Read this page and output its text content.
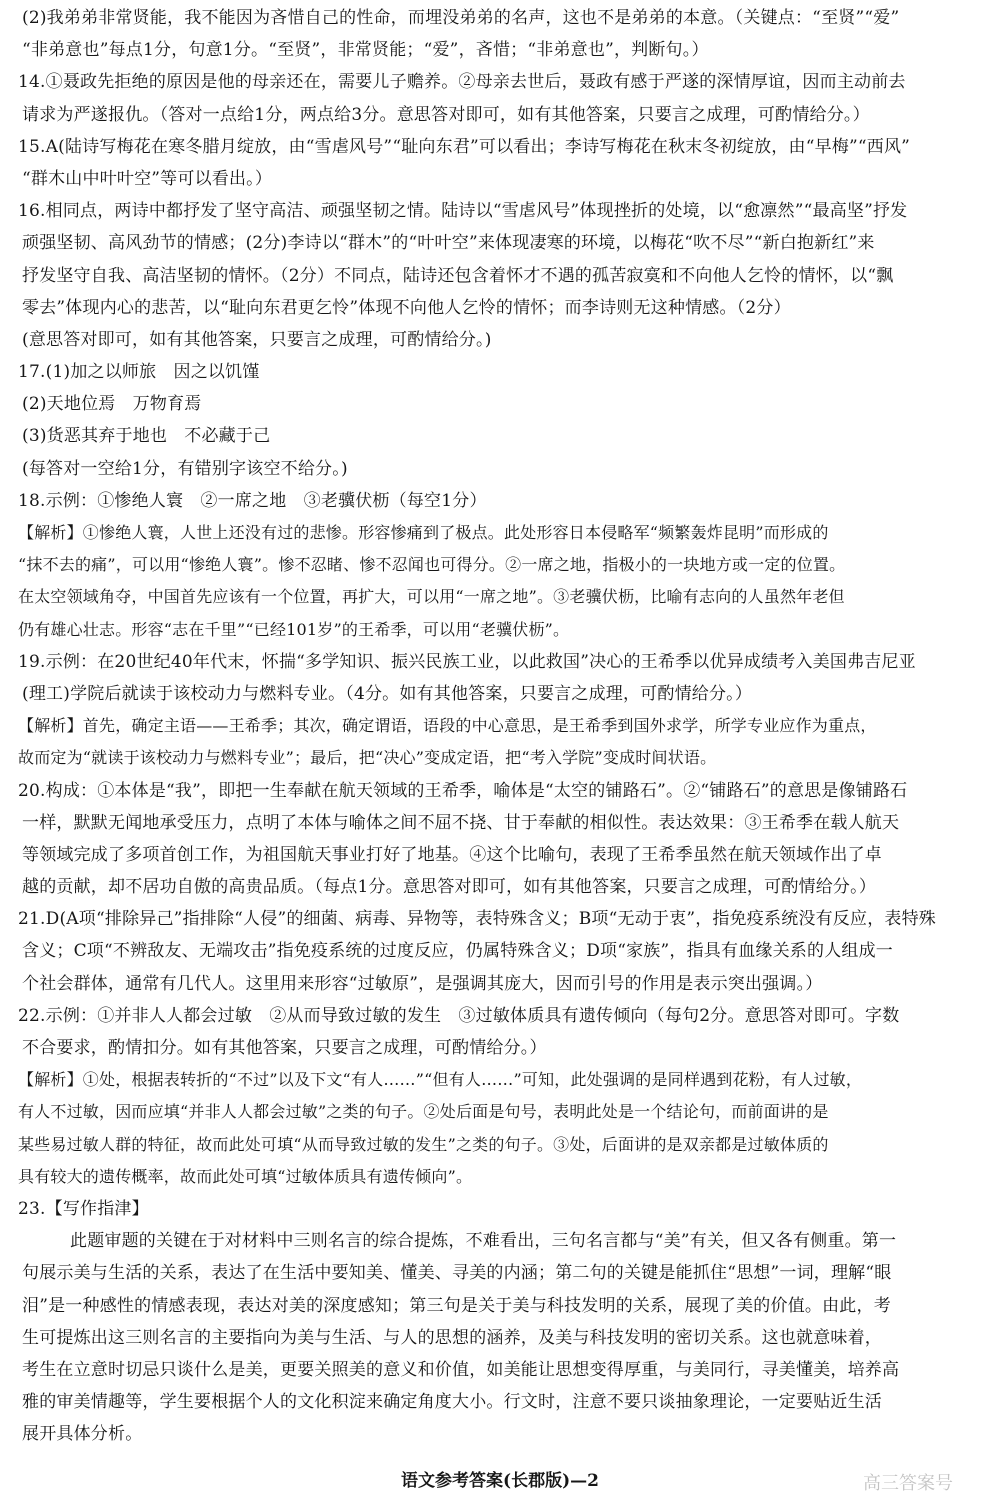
(2)我弟弟非常贤能，我不能因为吝惜自己的性命，而埋没弟弟的名声，这也不是弟弟的本意。（关键点：“至贤”“爱”
“非弟意也”每点1分，句意1分。“至贤”，非常贤能；“爱”，吝惜；“非弟意也”，判断句。）
14.①聂政先拒绝的原因是他的母亲还在，需要儿子赡养。②母亲去世后，聂政有感于严遂的深情厚谊，因而主动前去
请求为严遂报仇。（答对一点给1分，两点给3分。意思答对即可，如有其他答案，只要言之成理，可酌情给分。）
15.A(陆诗写梅花在寒冬腊月绽放，由“雪虐风号”“耻向东君”可以看出；李诗写梅花在秋末冬初绽放，由“早梅”“西风”
“群木山中叶叶空”等可以看出。）
16.相同点，两诗中都抒发了坚守高洁、顽强坚韧之情。陆诗以“雪虐风号”体现挫折的处境，以“愈凛然”“最高坚”抒发
顽强坚韧、高风劲节的情感；(2分)李诗以“群木”的“叶叶空”来体现凄寒的环境，以梅花“吹不尽”“新白抱新红”来
抒发坚守自我、高洁坚韧的情怀。（2分）不同点，陆诗还包含着怀才不遇的孤苦寂寞和不向他人乞怜的情怀，以“飘
零去”体现内心的悲苦，以“耻向东君更乞怜”体现不向他人乞怜的情怀；而李诗则无这种情感。（2分）
(意思答对即可，如有其他答案，只要言之成理，可酌情给分。)
17.(1)加之以师旅　因之以饥馑
(2)天地位焉　万物育焉
(3)货恶其弃于地也　不必藏于己
(每答对一空给1分，有错别字该空不给分。)
18.示例：①惨绝人寰　②一席之地　③老骥伏枥（每空1分）
【解析】①惨绝人寰，人世上还没有过的悲惨。形容惨痛到了极点。此处形容日本侵略军“频繁轰炸昆明”而形成的
“抹不去的痛”，可以用“惨绝人寰”。惨不忍睹、惨不忍闻也可得分。②一席之地，指极小的一块地方或一定的位置。
在太空领域角夺，中国首先应该有一个位置，再扩大，可以用“一席之地”。③老骥伏枥，比喻有志向的人虽然年老但
仍有雄心壮志。形容“志在千里”“已经101岁”的王希季，可以用“老骥伏枥”。
19.示例：在20世纪40年代末，怀揣“多学知识、振兴民族工业，以此救国”决心的王希季以优异成绩考入美国弗吉尼亚
(理工)学院后就读于该校动力与燃料专业。（4分。如有其他答案，只要言之成理，可酌情给分。）
【解析】首先，确定主语——王希季；其次，确定谓语，语段的中心意思，是王希季到国外求学，所学专业应作为重点，
故而定为“就读于该校动力与燃料专业”；最后，把“决心”变成定语，把“考入学院”变成时间状语。
20.构成：①本体是“我”，即把一生奉献在航天领域的王希季，喻体是“太空的铺路石”。②“铺路石”的意思是像铺路石
一样，默默无闻地承受压力，点明了本体与喻体之间不屈不挠、甘于奉献的相似性。表达效果：③王希季在载人航天
等领域完成了多项首创工作，为祖国航天事业打好了地基。④这个比喻句，表现了王希季虽然在航天领域作出了卓
越的贡献，却不居功自傲的高贵品质。（每点1分。意思答对即可，如有其他答案，只要言之成理，可酌情给分。）
21.D(A项“排除异己”指排除“人侵”的细菌、病毒、异物等，表特殊含义；B项“无动于衷”，指免疫系统没有反应，表特殊
含义；C项“不辨敌友、无端攻击”指免疫系统的过度反应，仍属特殊含义；D项“家族”，指具有血缘关系的人组成一
个社会群体，通常有几代人。这里用来形容“过敏原”，是强调其庞大，因而引号的作用是表示突出强调。）
22.示例：①并非人人都会过敏　②从而导致过敏的发生　③过敏体质具有遗传倾向（每句2分。意思答对即可。字数
不合要求，酌情扣分。如有其他答案，只要言之成理，可酌情给分。）
【解析】①处，根据表转折的“不过”以及下文“有人……”“但有人……”可知，此处强调的是同样遇到花粉，有人过敏，
有人不过敏，因而应填“并非人人都会过敏”之类的句子。②处后面是句号，表明此处是一个结论句，而前面讲的是
某些易过敏人群的特征，故而此处可填“从而导致过敏的发生”之类的句子。③处，后面讲的是双亲都是过敏体质的
具有较大的遗传概率，故而此处可填“过敏体质具有遗传倾向”。
23.【写作指津】
此题审题的关键在于对材料中三则名言的综合提炼，不难看出，三句名言都与“美”有关，但又各有侧重。第一
句展示美与生活的关系，表达了在生活中要知美、懂美、寻美的内涵；第二句的关键是能抓住“思想”一词，理解“眼
泪”是一种感性的情感表现，表达对美的深度感知；第三句是关于美与科技发明的关系，展现了美的价值。由此，考
生可提炼出这三则名言的主要指向为美与生活、与人的思想的涵养，及美与科技发明的密切关系。这也就意味着，
考生在立意时切忌只谈什么是美，更要关照美的意义和价值，如美能让思想变得厚重，与美同行，寻美懂美，培养高
雅的审美情趣等，学生要根据个人的文化积淀来确定角度大小。行文时，注意不要只谈抽象理论，一定要贴近生活
展开具体分析。
语文参考答案(长郡版)—2	高三答案号
